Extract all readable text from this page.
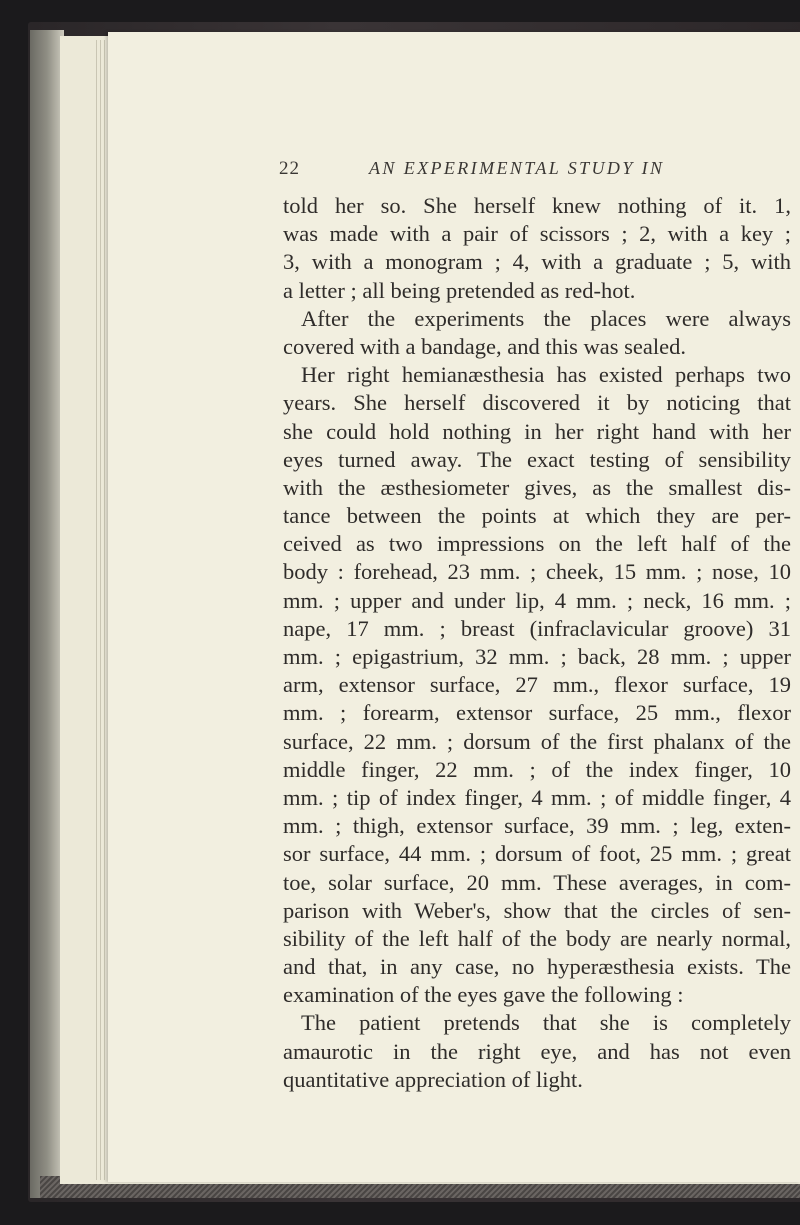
22	AN EXPERIMENTAL STUDY IN
told her so. She herself knew nothing of it. 1,
was made with a pair of scissors ; 2, with a key ;
3, with a monogram ; 4, with a graduate ; 5, with
a letter ; all being pretended as red-hot.
After the experiments the places were always
covered with a bandage, and this was sealed.
Her right hemianæsthesia has existed perhaps two
years. She herself discovered it by noticing that
she could hold nothing in her right hand with her
eyes turned away. The exact testing of sensibility
with the æsthesiometer gives, as the smallest dis-
tance between the points at which they are per-
ceived as two impressions on the left half of the
body : forehead, 23 mm. ; cheek, 15 mm. ; nose, 10
mm. ; upper and under lip, 4 mm. ; neck, 16 mm. ;
nape, 17 mm. ; breast (infraclavicular groove) 31
mm. ; epigastrium, 32 mm. ; back, 28 mm. ; upper
arm, extensor surface, 27 mm., flexor surface, 19
mm. ; forearm, extensor surface, 25 mm., flexor
surface, 22 mm. ; dorsum of the first phalanx of the
middle finger, 22 mm. ; of the index finger, 10
mm. ; tip of index finger, 4 mm. ; of middle finger, 4
mm. ; thigh, extensor surface, 39 mm. ; leg, exten-
sor surface, 44 mm. ; dorsum of foot, 25 mm. ; great
toe, solar surface, 20 mm. These averages, in com-
parison with Weber's, show that the circles of sen-
sibility of the left half of the body are nearly normal,
and that, in any case, no hyperæsthesia exists. The
examination of the eyes gave the following :
The patient pretends that she is completely
amaurotic in the right eye, and has not even
quantitative appreciation of light.
